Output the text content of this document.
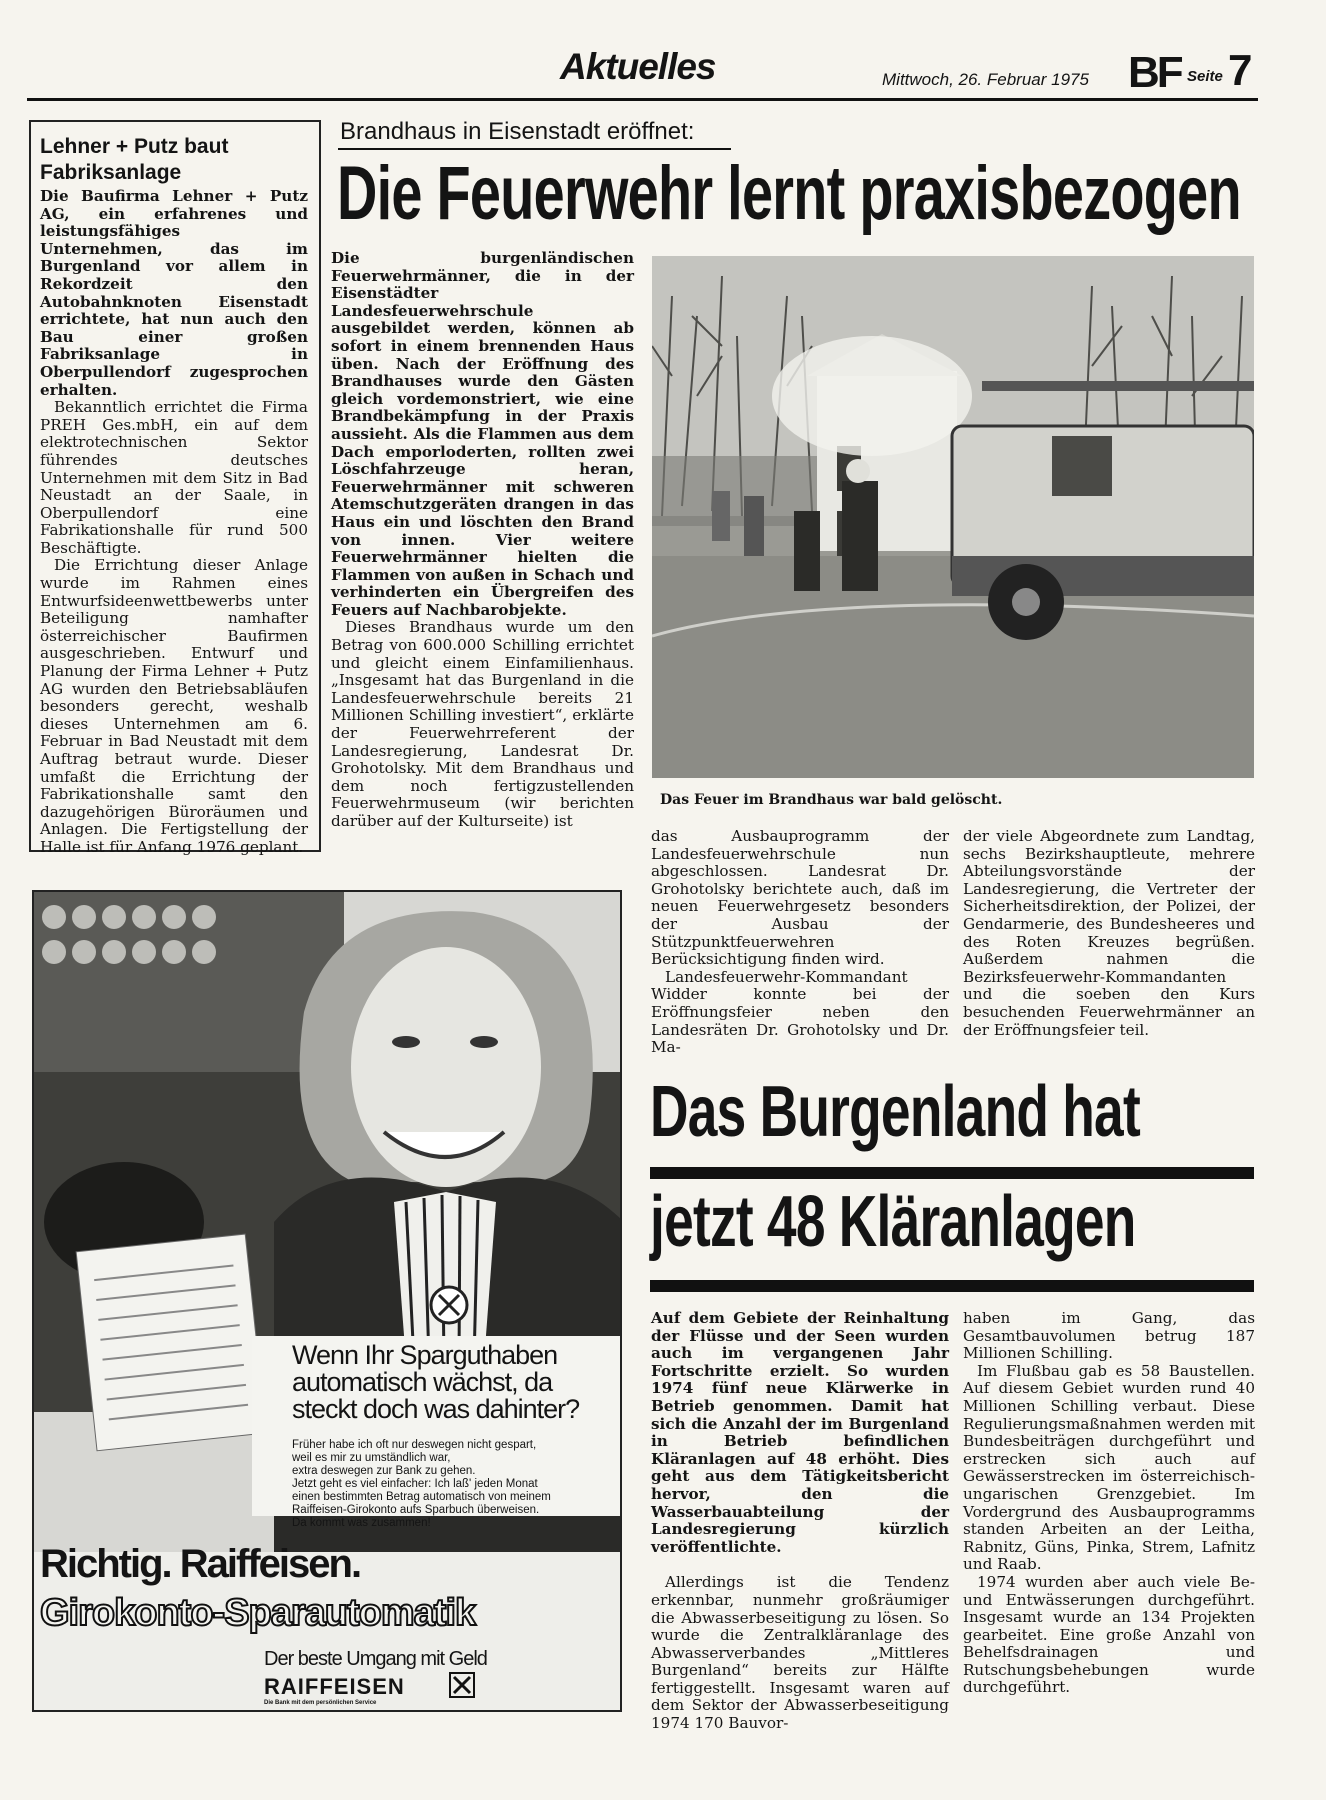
Aktuelles	Mittwoch, 26. Februar 1975 BF Seite 7
Lehner + Putz baut Fabriksanlage

Die Baufirma Lehner + Putz AG, ein erfahrenes und leistungsfähiges Unternehmen, das im Burgenland vor allem in Rekordzeit den Autobahnknoten Eisenstadt errichtete, hat nun auch den Bau einer großen Fabriksanlage in Oberpullendorf zugesprochen erhalten.

Bekanntlich errichtet die Firma PREH Ges.mbH, ein auf dem elektrotechnischen Sektor führendes deutsches Unternehmen mit dem Sitz in Bad Neustadt an der Saale, in Oberpullendorf eine Fabrikationshalle für rund 500 Beschäftigte.

Die Errichtung dieser Anlage wurde im Rahmen eines Entwurfsideenwettbewerbs unter Beteiligung namhafter österreichischer Baufirmen ausgeschrieben. Entwurf und Planung der Firma Lehner + Putz AG wurden den Betriebsabläufen besonders gerecht, weshalb dieses Unternehmen am 6. Februar in Bad Neustadt mit dem Auftrag betraut wurde. Dieser umfaßt die Errichtung der Fabrikationshalle samt den dazugehörigen Büroräumen und Anlagen. Die Fertigstellung der Halle ist für Anfang 1976 geplant.

Brandhaus in Eisenstadt eröffnet:
Die Feuerwehr lernt praxisbezogen

Die burgenländischen Feuerwehrmänner, die in der Eisenstädter Landesfeuerwehrschule ausgebildet werden, können ab sofort in einem brennenden Haus üben. Nach der Eröffnung des Brandhauses wurde den Gästen gleich vordemonstriert, wie eine Brandbekämpfung in der Praxis aussieht. Als die Flammen aus dem Dach emporloderten, rollten zwei Löschfahrzeuge heran, Feuerwehrmänner mit schweren Atemschutzgeräten drangen in das Haus ein und löschten den Brand von innen. Vier weitere Feuerwehrmänner hielten die Flammen von außen in Schach und verhinderten ein Übergreifen des Feuers auf Nachbarobjekte.

Dieses Brandhaus wurde um den Betrag von 600.000 Schilling errichtet und gleicht einem Einfamilienhaus. „Insgesamt hat das Burgenland in die Landesfeuerwehrschule bereits 21 Millionen Schilling investiert“, erklärte der Feuerwehrreferent der Landesregierung, Landesrat Dr. Grohotolsky. Mit dem Brandhaus und dem noch fertigzustellenden Feuerwehrmuseum (wir berichten darüber auf der Kulturseite) ist

Das Feuer im Brandhaus war bald gelöscht.

das Ausbauprogramm der Landesfeuerwehrschule nun abgeschlossen. Landesrat Dr. Grohotolsky berichtete auch, daß im neuen Feuerwehrgesetz besonders der Ausbau der Stützpunktfeuerwehren Berücksichtigung finden wird.

Landesfeuerwehr-Kommandant Widder konnte bei der Eröffnungsfeier neben den Landesräten Dr. Grohotolsky und Dr. Ma-

der viele Abgeordnete zum Landtag, sechs Bezirkshauptleute, mehrere Abteilungsvorstände der Landesregierung, die Vertreter der Sicherheitsdirektion, der Polizei, der Gendarmerie, des Bundesheeres und des Roten Kreuzes begrüßen. Außerdem nahmen die Bezirksfeuerwehr-Kommandanten und die soeben den Kurs besuchenden Feuerwehrmänner an der Eröffnungsfeier teil.

Wenn Ihr Sparguthaben automatisch wächst, da steckt doch was dahinter?
Früher habe ich oft nur deswegen nicht gespart,
weil es mir zu umständlich war,
extra deswegen zur Bank zu gehen.
Jetzt geht es viel einfacher: Ich laß' jeden Monat
einen bestimmten Betrag automatisch von meinem
Raiffeisen-Girokonto aufs Sparbuch überweisen.
Da kommt was zusammen!
Richtig. Raiffeisen.
Girokonto-Sparautomatik
Der beste Umgang mit Geld
RAIFFEISEN
Die Bank mit dem persönlichen Service
Das Burgenland hat
jetzt 48 Kläranlagen

Auf dem Gebiete der Reinhaltung der Flüsse und der Seen wurden auch im vergangenen Jahr Fortschritte erzielt. So wurden 1974 fünf neue Klärwerke in Betrieb genommen. Damit hat sich die Anzahl der im Burgenland in Betrieb befindlichen Kläranlagen auf 48 erhöht. Dies geht aus dem Tätigkeitsbericht hervor, den die Wasserbauabteilung der Landesregierung kürzlich veröffentlichte.

Allerdings ist die Tendenz erkennbar, nunmehr großräumiger die Abwasserbeseitigung zu lösen. So wurde die Zentralkläranlage des Abwasserverbandes „Mittleres Burgenland“ bereits zur Hälfte fertiggestellt. Insgesamt waren auf dem Sektor der Abwasserbeseitigung 1974 170 Bauvor-

haben im Gang, das Gesamtbauvolumen betrug 187 Millionen Schilling.

Im Flußbau gab es 58 Baustellen. Auf diesem Gebiet wurden rund 40 Millionen Schilling verbaut. Diese Regulierungsmaßnahmen werden mit Bundesbeiträgen durchgeführt und erstrecken sich auch auf Gewässerstrecken im österreichisch-ungarischen Grenzgebiet. Im Vordergrund des Ausbauprogramms standen Arbeiten an der Leitha, Rabnitz, Güns, Pinka, Strem, Lafnitz und Raab.

1974 wurden aber auch viele Be- und Entwässerungen durchgeführt. Insgesamt wurde an 134 Projekten gearbeitet. Eine große Anzahl von Behelfsdrainagen und Rutschungsbehebungen wurde durchgeführt.
